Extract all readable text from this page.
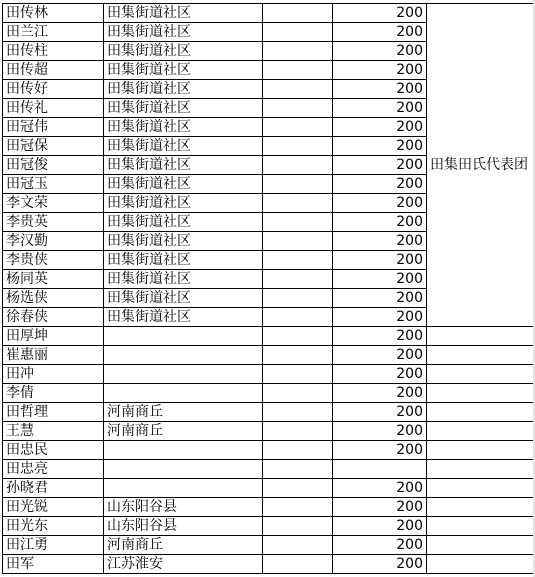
田传林	田集街道社区		200	田集田氏代表团

田兰江	田集街道社区		200	
田传柱	田集街道社区		200	
田传超	田集街道社区		200	
田传好	田集街道社区		200	
田传礼	田集街道社区		200	
田冠伟	田集街道社区		200	
田冠保	田集街道社区		200	
田冠俊	田集街道社区		200	
田冠玉	田集街道社区		200	
李文荣	田集街道社区		200	
李贵英	田集街道社区		200	
李汉勤	田集街道社区		200	
李贵侠	田集街道社区		200	
杨同英	田集街道社区		200	
杨选侠	田集街道社区		200	
徐春侠	田集街道社区		200	
田厚坤			200	
崔惠丽			200	
田冲			200	
李倩			200	
田哲理	河南商丘		200	
王慧	河南商丘		200	
田忠民			200	
田忠亮				
孙晓君			200	
田光锐	山东阳谷县		200	
田光东	山东阳谷县		200	
田江勇	河南商丘		200	
田军	江苏淮安		200	
